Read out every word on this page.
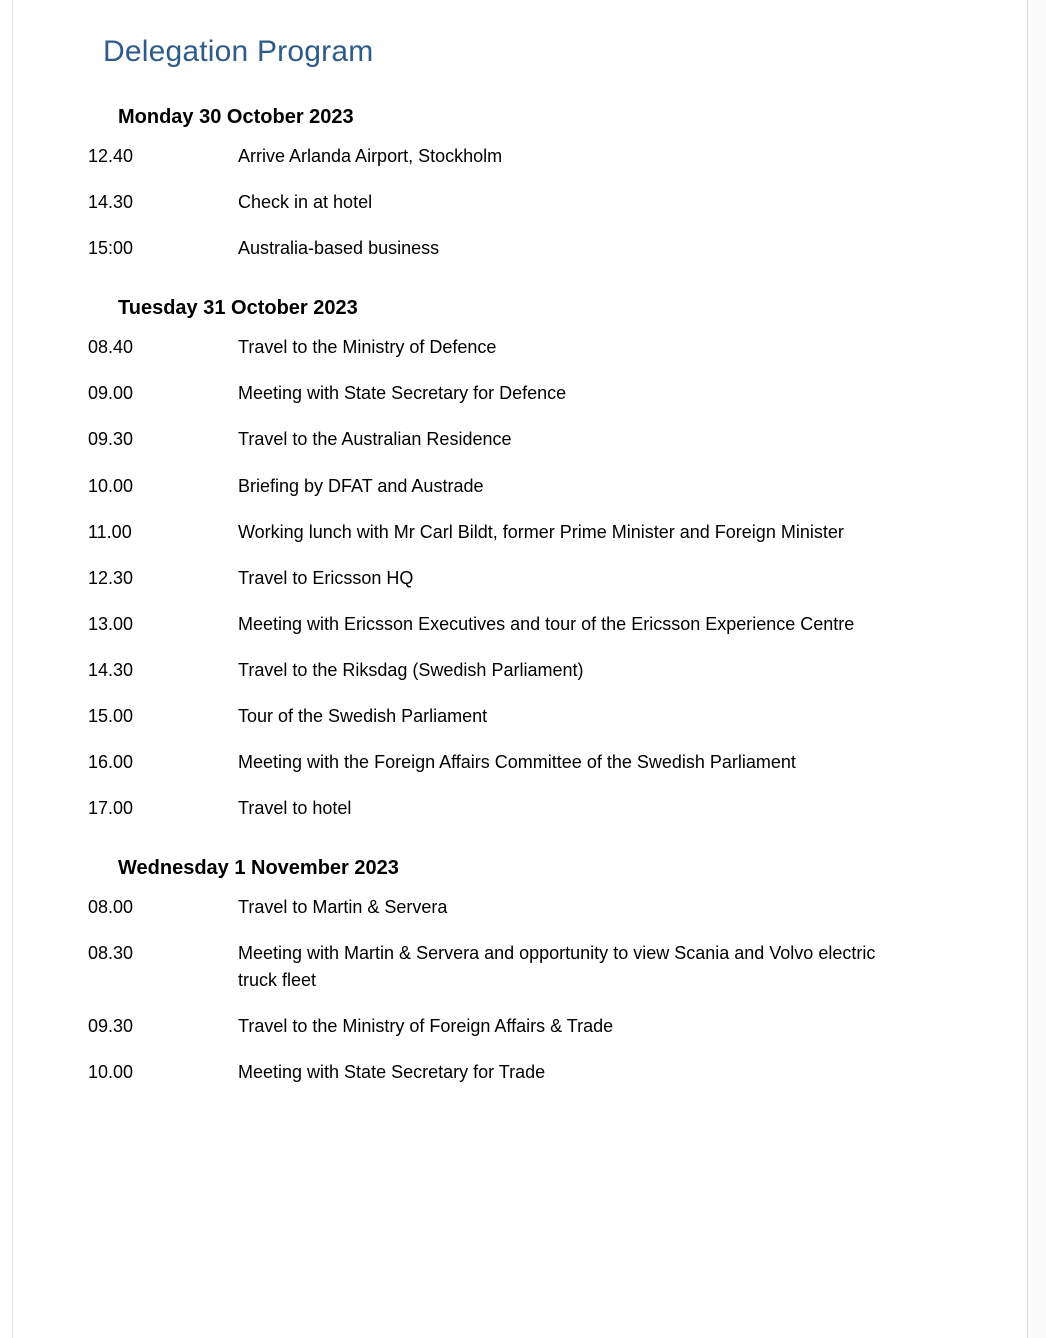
Delegation Program
Monday 30 October 2023
12.40	Arrive Arlanda Airport, Stockholm
14.30	Check in at hotel
15:00	Australia-based business
Tuesday 31 October 2023
08.40	Travel to the Ministry of Defence
09.00	Meeting with State Secretary for Defence
09.30	Travel to the Australian Residence
10.00	Briefing by DFAT and Austrade
11.00	Working lunch with Mr Carl Bildt, former Prime Minister and Foreign Minister
12.30	Travel to Ericsson HQ
13.00	Meeting with Ericsson Executives and tour of the Ericsson Experience Centre
14.30	Travel to the Riksdag (Swedish Parliament)
15.00	Tour of the Swedish Parliament
16.00	Meeting with the Foreign Affairs Committee of the Swedish Parliament
17.00	Travel to hotel
Wednesday 1 November 2023
08.00	Travel to Martin & Servera
08.30	Meeting with Martin & Servera and opportunity to view Scania and Volvo electric truck fleet
09.30	Travel to the Ministry of Foreign Affairs & Trade
10.00	Meeting with State Secretary for Trade
